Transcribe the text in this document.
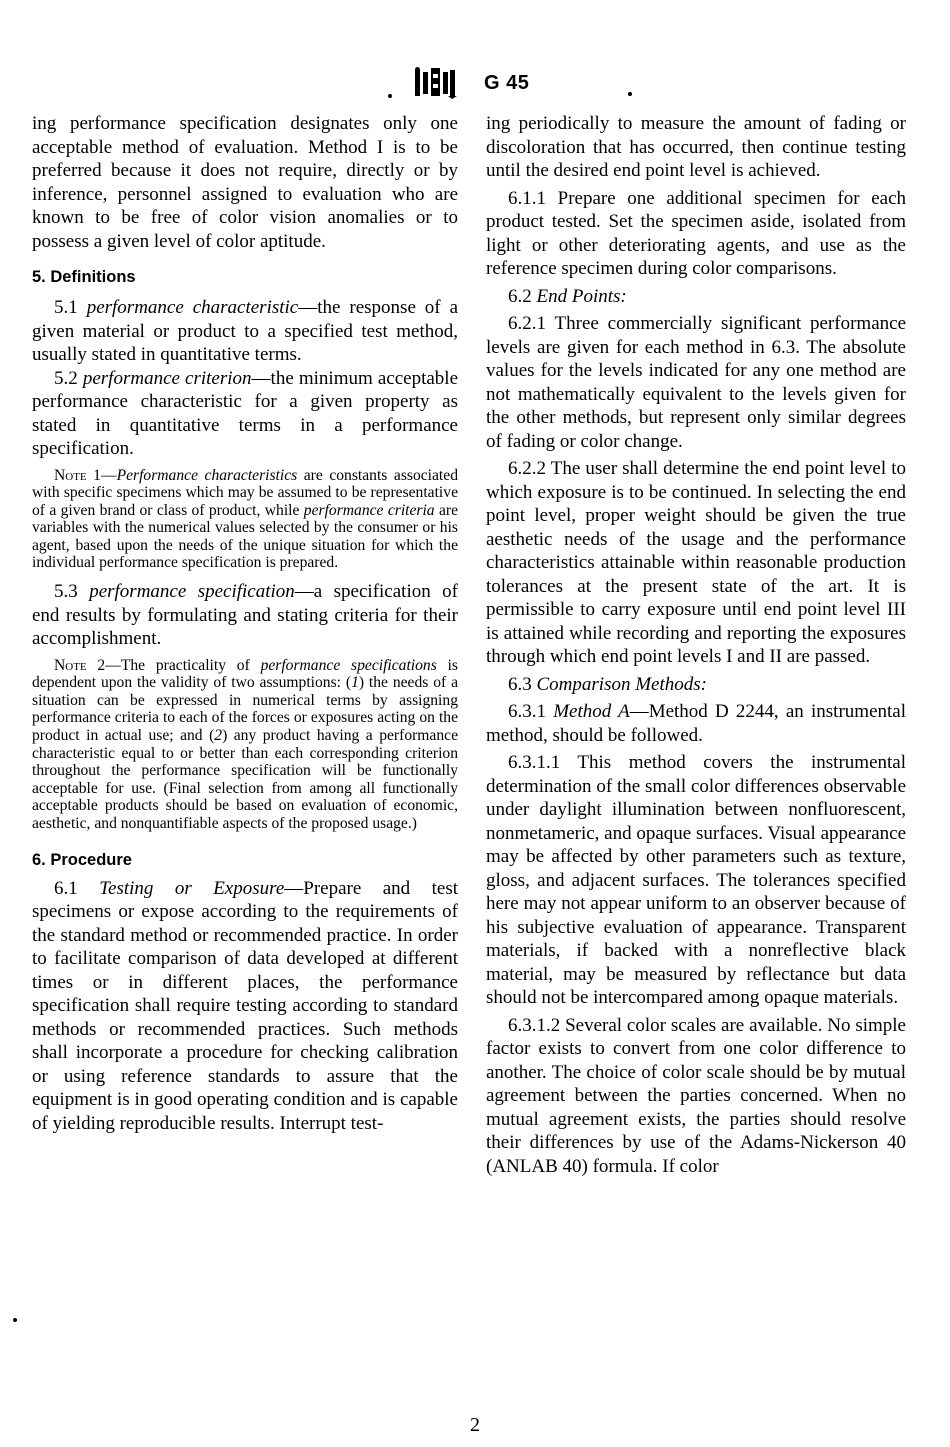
G 45

ing performance specification designates only one acceptable method of evaluation. Method I is to be preferred because it does not require, directly or by inference, personnel assigned to evaluation who are known to be free of color vision anomalies or to possess a given level of color aptitude.

5. Definitions

5.1 performance characteristic—the response of a given material or product to a specified test method, usually stated in quantitative terms.

5.2 performance criterion—the minimum acceptable performance characteristic for a given property as stated in quantitative terms in a performance specification.

Note 1—Performance characteristics are constants associated with specific specimens which may be assumed to be representative of a given brand or class of product, while performance criteria are variables with the numerical values selected by the consumer or his agent, based upon the needs of the unique situation for which the individual performance specification is prepared.

5.3 performance specification—a specification of end results by formulating and stating criteria for their accomplishment.

Note 2—The practicality of performance specifications is dependent upon the validity of two assumptions: (1) the needs of a situation can be expressed in numerical terms by assigning performance criteria to each of the forces or exposures acting on the product in actual use; and (2) any product having a performance characteristic equal to or better than each corresponding criterion throughout the performance specification will be functionally acceptable for use. (Final selection from among all functionally acceptable products should be based on evaluation of economic, aesthetic, and nonquantifiable aspects of the proposed usage.)

6. Procedure

6.1 Testing or Exposure—Prepare and test specimens or expose according to the requirements of the standard method or recommended practice. In order to facilitate comparison of data developed at different times or in different places, the performance specification shall require testing according to standard methods or recommended practices. Such methods shall incorporate a procedure for checking calibration or using reference standards to assure that the equipment is in good operating condition and is capable of yielding reproducible results. Interrupt test-

ing periodically to measure the amount of fading or discoloration that has occurred, then continue testing until the desired end point level is achieved.

6.1.1 Prepare one additional specimen for each product tested. Set the specimen aside, isolated from light or other deteriorating agents, and use as the reference specimen during color comparisons.

6.2 End Points:

6.2.1 Three commercially significant performance levels are given for each method in 6.3. The absolute values for the levels indicated for any one method are not mathematically equivalent to the levels given for the other methods, but represent only similar degrees of fading or color change.

6.2.2 The user shall determine the end point level to which exposure is to be continued. In selecting the end point level, proper weight should be given the true aesthetic needs of the usage and the performance characteristics attainable within reasonable production tolerances at the present state of the art. It is permissible to carry exposure until end point level III is attained while recording and reporting the exposures through which end point levels I and II are passed.

6.3 Comparison Methods:

6.3.1 Method A—Method D 2244, an instrumental method, should be followed.

6.3.1.1 This method covers the instrumental determination of the small color differences observable under daylight illumination between nonfluorescent, nonmetameric, and opaque surfaces. Visual appearance may be affected by other parameters such as texture, gloss, and adjacent surfaces. The tolerances specified here may not appear uniform to an observer because of his subjective evaluation of appearance. Transparent materials, if backed with a nonreflective black material, may be measured by reflectance but data should not be intercompared among opaque materials.

6.3.1.2 Several color scales are available. No simple factor exists to convert from one color difference to another. The choice of color scale should be by mutual agreement between the parties concerned. When no mutual agreement exists, the parties should resolve their differences by use of the Adams-Nickerson 40 (ANLAB 40) formula. If color

2
